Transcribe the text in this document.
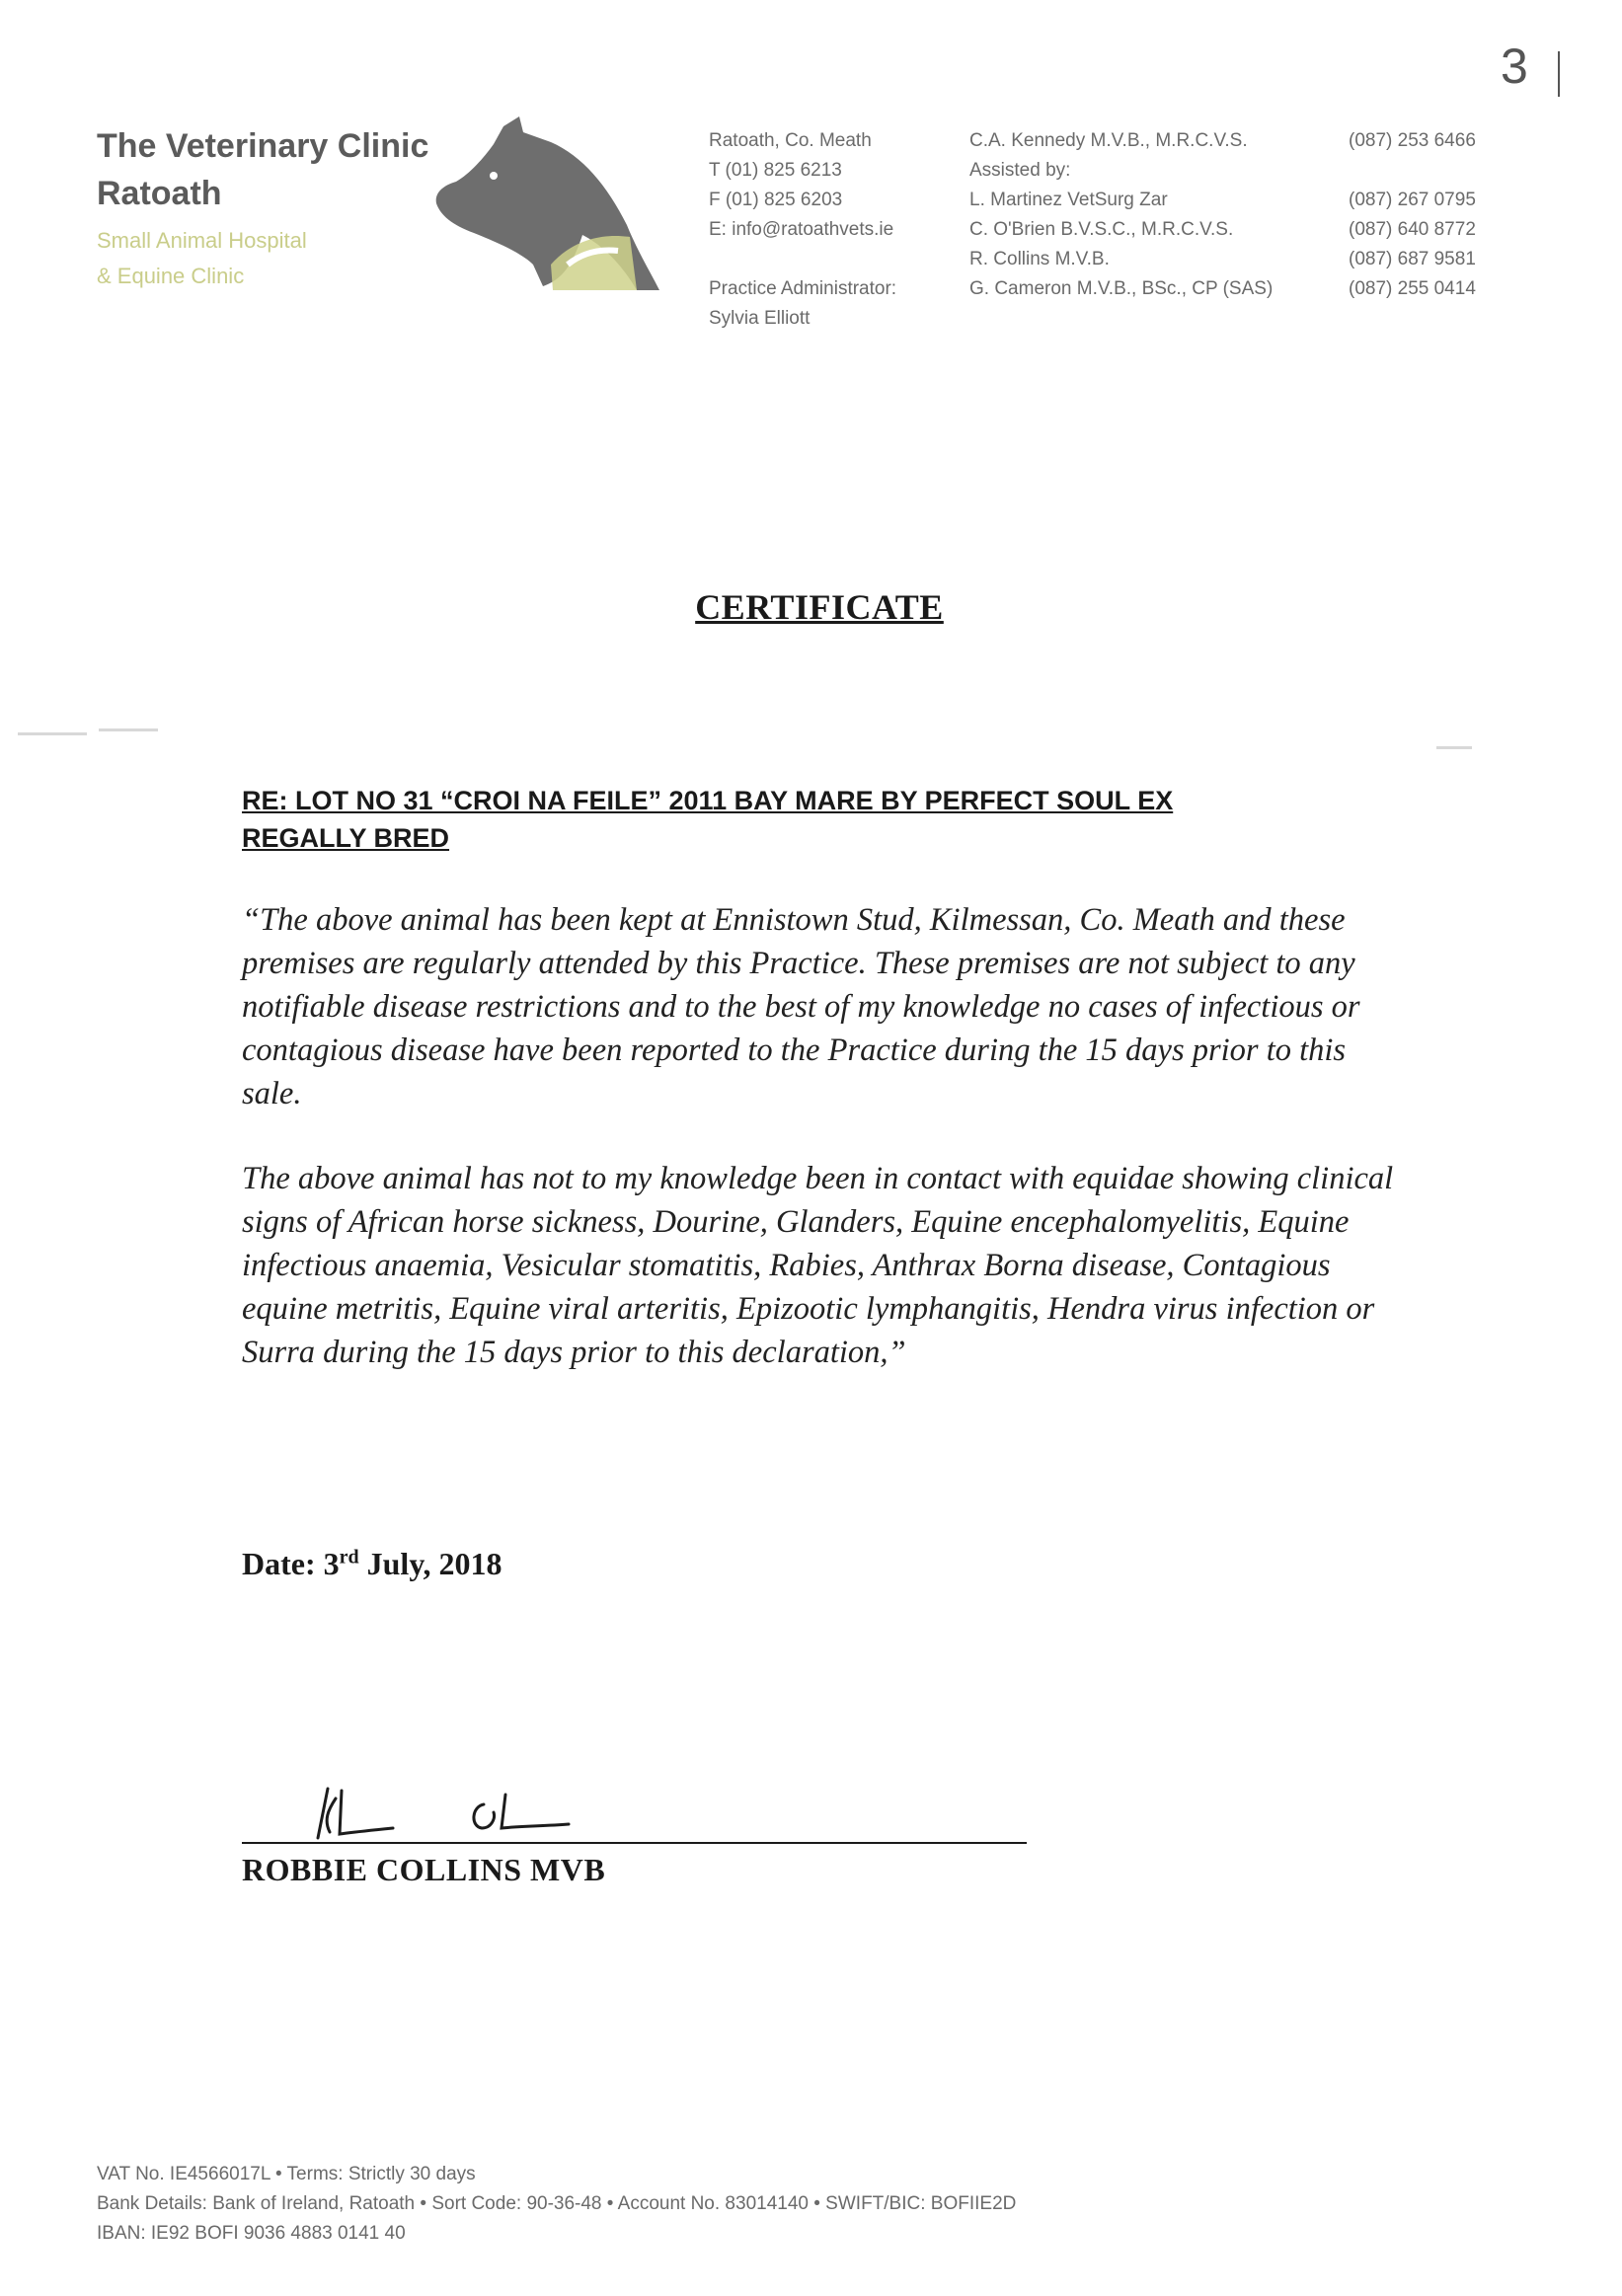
3
The Veterinary Clinic
Ratoath
Small Animal Hospital
& Equine Clinic
Ratoath, Co. Meath
T (01) 825 6213
F (01) 825 6203
E: info@ratoathvets.ie
Practice Administrator:
Sylvia Elliott
C.A. Kennedy M.V.B., M.R.C.V.S.
Assisted by:
L. Martinez VetSurg Zar
C. O'Brien B.V.S.C., M.R.C.V.S.
R. Collins M.V.B.
G. Cameron M.V.B., BSc., CP (SAS)
(087) 253 6466
(087) 267 0795
(087) 640 8772
(087) 687 9581
(087) 255 0414
CERTIFICATE
RE: LOT NO 31 “CROI NA FEILE” 2011 BAY MARE BY PERFECT SOUL EX
REGALLY BRED
“The above animal has been kept at Ennistown Stud, Kilmessan, Co. Meath and these premises are regularly attended by this Practice. These premises are not subject to any notifiable disease restrictions and to the best of my knowledge no cases of infectious or contagious disease have been reported to the Practice during the 15 days prior to this sale.
The above animal has not to my knowledge been in contact with equidae showing clinical signs of African horse sickness, Dourine, Glanders, Equine encephalomyelitis, Equine infectious anaemia, Vesicular stomatitis, Rabies, Anthrax Borna disease, Contagious equine metritis, Equine viral arteritis, Epizootic lymphangitis, Hendra virus infection or Surra during the 15 days prior to this declaration,”
Date: 3rd July, 2018
ROBBIE COLLINS MVB
VAT No. IE4566017L • Terms: Strictly 30 days
Bank Details: Bank of Ireland, Ratoath • Sort Code: 90-36-48 • Account No. 83014140 • SWIFT/BIC: BOFIIE2D
IBAN: IE92 BOFI 9036 4883 0141 40
